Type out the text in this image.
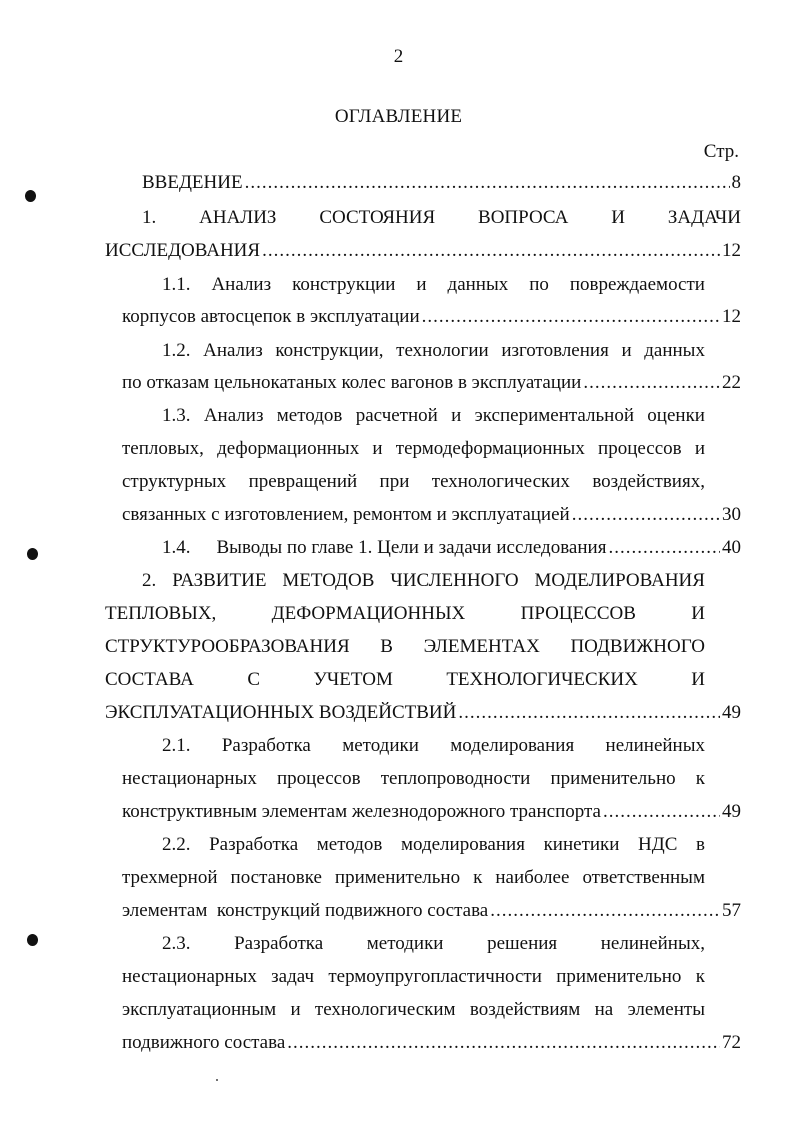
2
ОГЛАВЛЕНИЕ
Стр.
ВВЕДЕНИЕ .....	8
1. АНАЛИЗ СОСТОЯНИЯ ВОПРОСА И ЗАДАЧИ
ИССЛЕДОВАНИЯ .....	12
1.1. Анализ конструкции и данных по повреждаемости
корпусов автосцепок в эксплуатации .....	12
1.2. Анализ конструкции, технологии изготовления и данных
по отказам цельнокатаных колес вагонов в эксплуатации .....	22
1.3. Анализ методов расчетной и экспериментальной оценки
тепловых, деформационных и термодеформационных процессов и
структурных превращений при технологических воздействиях,
связанных с изготовлением, ремонтом и эксплуатацией .....	30
1.4. Выводы по главе 1. Цели и задачи исследования .....	40
2. РАЗВИТИЕ МЕТОДОВ ЧИСЛЕННОГО МОДЕЛИРОВАНИЯ
ТЕПЛОВЫХ,	ДЕФОРМАЦИОННЫХ	ПРОЦЕССОВ	И
СТРУКТУРООБРАЗОВАНИЯ В ЭЛЕМЕНТАХ ПОДВИЖНОГО
СОСТАВА	С	УЧЕТОМ	ТЕХНОЛОГИЧЕСКИХ	И
ЭКСПЛУАТАЦИОННЫХ ВОЗДЕЙСТВИЙ .....	49
2.1. Разработка методики моделирования нелинейных
нестационарных процессов теплопроводности применительно к
конструктивным элементам железнодорожного транспорта .....	49
2.2. Разработка методов моделирования кинетики НДС в
трехмерной постановке применительно к наиболее ответственным
элементам  конструкций подвижного состава .....	57
2.3. Разработка методики решения нелинейных,
нестационарных задач термоупругопластичности применительно к
эксплуатационным и технологическим воздействиям на элементы
подвижного состава .....	72
